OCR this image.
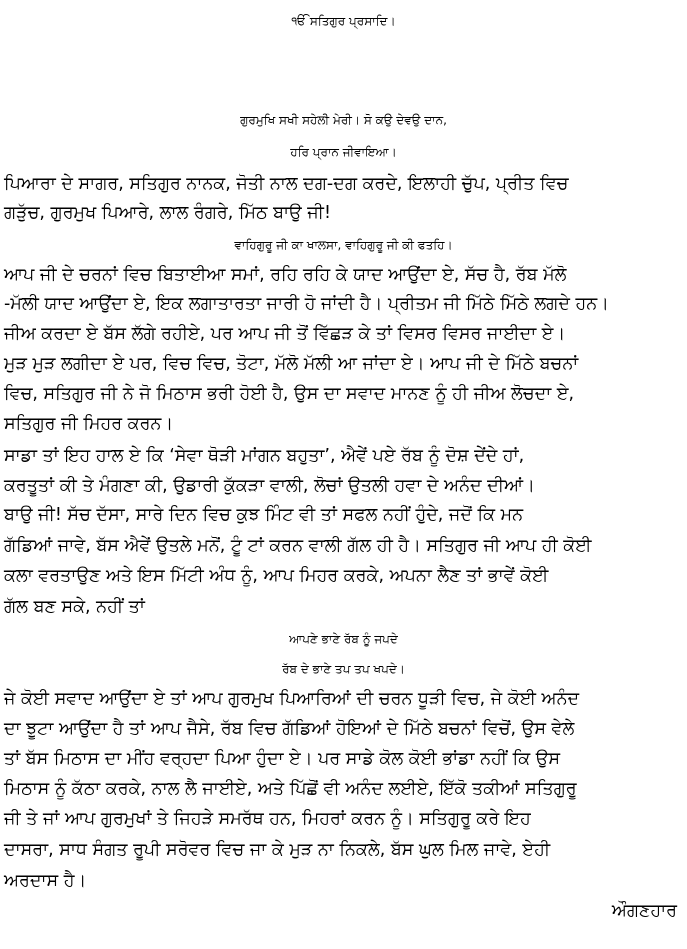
ੴ ਸਤਿਗੁਰ ਪ੍ਰਸਾਦਿ।

ਗੁਰਮੁਖਿ ਸਖੀ ਸਹੇਲੀ ਮੇਰੀ। ਸੋ ਕਉ ਦੇਵਉ ਦਾਨ,

ਹਰਿ ਪ੍ਰਾਨ ਜੀਵਾਇਆ।

ਪਿਆਰਾ ਦੇ ਸਾਗਰ, ਸਤਿਗੁਰ ਨਾਨਕ, ਜੋਤੀ ਨਾਲ ਦਗ-ਦਗ ਕਰਦੇ, ਇਲਾਹੀ ਚੁੱਪ, ਪ੍ਰੀਤ ਵਿਚ

ਗੜੁੱਚ, ਗੁਰਮੁਖ ਪਿਆਰੇ, ਲਾਲ ਰੰਗਰੇ, ਮਿੱਠ ਬਾਉ ਜੀ!

ਵਾਹਿਗੁਰੂ ਜੀ ਕਾ ਖਾਲਸਾ, ਵਾਹਿਗੁਰੂ ਜੀ ਕੀ ਫਤਹਿ।

ਆਪ ਜੀ ਦੇ ਚਰਨਾਂ ਵਿਚ ਬਿਤਾਈਆ ਸਮਾਂ, ਰਹਿ ਰਹਿ ਕੇ ਯਾਦ ਆਉਂਦਾ ਏ, ਸੱਚ ਹੈ, ਰੱਬ ਮੱਲੋ

-ਮੱਲੀ ਯਾਦ ਆਉਂਦਾ ਏ, ਇਕ ਲਗਾਤਾਰਤਾ ਜਾਰੀ ਹੋ ਜਾਂਦੀ ਹੈ। ਪ੍ਰੀਤਮ ਜੀ ਮਿੱਠੇ ਮਿੱਠੇ ਲਗਦੇ ਹਨ।

ਜੀਅ ਕਰਦਾ ਏ ਬੱਸ ਲੱਗੇ ਰਹੀਏ, ਪਰ ਆਪ ਜੀ ਤੋਂ ਵਿੱਛੜ ਕੇ ਤਾਂ ਵਿਸਰ ਵਿਸਰ ਜਾਈਦਾ ਏ।

ਮੁੜ ਮੁੜ ਲਗੀਦਾ ਏ ਪਰ, ਵਿਚ ਵਿਚ, ਤੋਟਾ, ਮੱਲੋ ਮੱਲੀ ਆ ਜਾਂਦਾ ਏ। ਆਪ ਜੀ ਦੇ ਮਿੱਠੇ ਬਚਨਾਂ

ਵਿਚ, ਸਤਿਗੁਰ ਜੀ ਨੇ ਜੋ ਮਿਠਾਸ ਭਰੀ ਹੋਈ ਹੈ, ਉਸ ਦਾ ਸਵਾਦ ਮਾਨਣ ਨੂੰ ਹੀ ਜੀਅ ਲੋਚਦਾ ਏ,

ਸਤਿਗੁਰ ਜੀ ਮਿਹਰ ਕਰਨ।

ਸਾਡਾ ਤਾਂ ਇਹ ਹਾਲ ਏ ਕਿ ‘ਸੇਵਾ ਥੋੜੀ ਮਾਂਗਨ ਬਹੁਤਾ’, ਐਵੇਂ ਪਏ ਰੱਬ ਨੂੰ ਦੋਸ਼ ਦੇਂਦੇ ਹਾਂ,

ਕਰਤੂਤਾਂ ਕੀ ਤੇ ਮੰਗਣਾ ਕੀ, ਉਡਾਰੀ ਕੁੱਕੜਾ ਵਾਲੀ, ਲੋਚਾਂ ਉਤਲੀ ਹਵਾ ਦੇ ਅਨੰਦ ਦੀਆਂ।

ਬਾਉ ਜੀ! ਸੱਚ ਦੱਸਾ, ਸਾਰੇ ਦਿਨ ਵਿਚ ਕੁਝ ਮਿੰਟ ਵੀ ਤਾਂ ਸਫਲ ਨਹੀਂ ਹੁੰਦੇ, ਜਦੋਂ ਕਿ ਮਨ

ਗੱਡਿਆਂ ਜਾਵੇ, ਬੱਸ ਐਵੇਂ ਉਤਲੇ ਮਨੋਂ, ਟੂੰ ਟਾਂ ਕਰਨ ਵਾਲੀ ਗੱਲ ਹੀ ਹੈ। ਸਤਿਗੁਰ ਜੀ ਆਪ ਹੀ ਕੋਈ

ਕਲਾ ਵਰਤਾਉਣ ਅਤੇ ਇਸ ਮਿੱਟੀ ਅੰਧ ਨੂੰ, ਆਪ ਮਿਹਰ ਕਰਕੇ, ਅਪਨਾ ਲੈਣ ਤਾਂ ਭਾਵੇਂ ਕੋਈ

ਗੱਲ ਬਣ ਸਕੇ, ਨਹੀਂ ਤਾਂ

ਆਪਣੇ ਭਾਣੇ ਰੱਬ ਨੂੰ ਜਪਦੇ

ਰੱਬ ਦੇ ਭਾਣੇ ਤਪ ਤਪ ਖਪਦੇ।

ਜੇ ਕੋਈ ਸਵਾਦ ਆਉਂਦਾ ਏ ਤਾਂ ਆਪ ਗੁਰਮੁਖ ਪਿਆਰਿਆਂ ਦੀ ਚਰਨ ਧੂੜੀ ਵਿਚ, ਜੇ ਕੋਈ ਅਨੰਦ

ਦਾ ਝੂਟਾ ਆਉਂਦਾ ਹੈ ਤਾਂ ਆਪ ਜੈਸੇ, ਰੱਬ ਵਿਚ ਗੱਡਿਆਂ ਹੋਇਆਂ ਦੇ ਮਿੱਠੇ ਬਚਨਾਂ ਵਿਚੋਂ, ਉਸ ਵੇਲੇ

ਤਾਂ ਬੱਸ ਮਿਠਾਸ ਦਾ ਮੀਂਹ ਵਰ੍ਹਦਾ ਪਿਆ ਹੁੰਦਾ ਏ। ਪਰ ਸਾਡੇ ਕੋਲ ਕੋਈ ਭਾਂਡਾ ਨਹੀਂ ਕਿ ਉਸ

ਮਿਠਾਸ ਨੂੰ ਕੱਠਾ ਕਰਕੇ, ਨਾਲ ਲੈ ਜਾਈਏ, ਅਤੇ ਪਿੱਛੋਂ ਵੀ ਅਨੰਦ ਲਈਏ, ਇੱਕੋ ਤਕੀਆਂ ਸਤਿਗੁਰੂ

ਜੀ ਤੇ ਜਾਂ ਆਪ ਗੁਰਮੁਖਾਂ ਤੇ ਜਿਹੜੇ ਸਮਰੱਥ ਹਨ, ਮਿਹਰਾਂ ਕਰਨ ਨੂੰ। ਸਤਿਗੁਰੂ ਕਰੇ ਇਹ

ਦਾਸਰਾ, ਸਾਧ ਸੰਗਤ ਰੂਪੀ ਸਰੋਵਰ ਵਿਚ ਜਾ ਕੇ ਮੁੜ ਨਾ ਨਿਕਲੇ, ਬੱਸ ਘੁਲ ਮਿਲ ਜਾਵੇ, ਏਹੀ

ਅਰਦਾਸ ਹੈ।

ਔਗਣਹਾਰ
